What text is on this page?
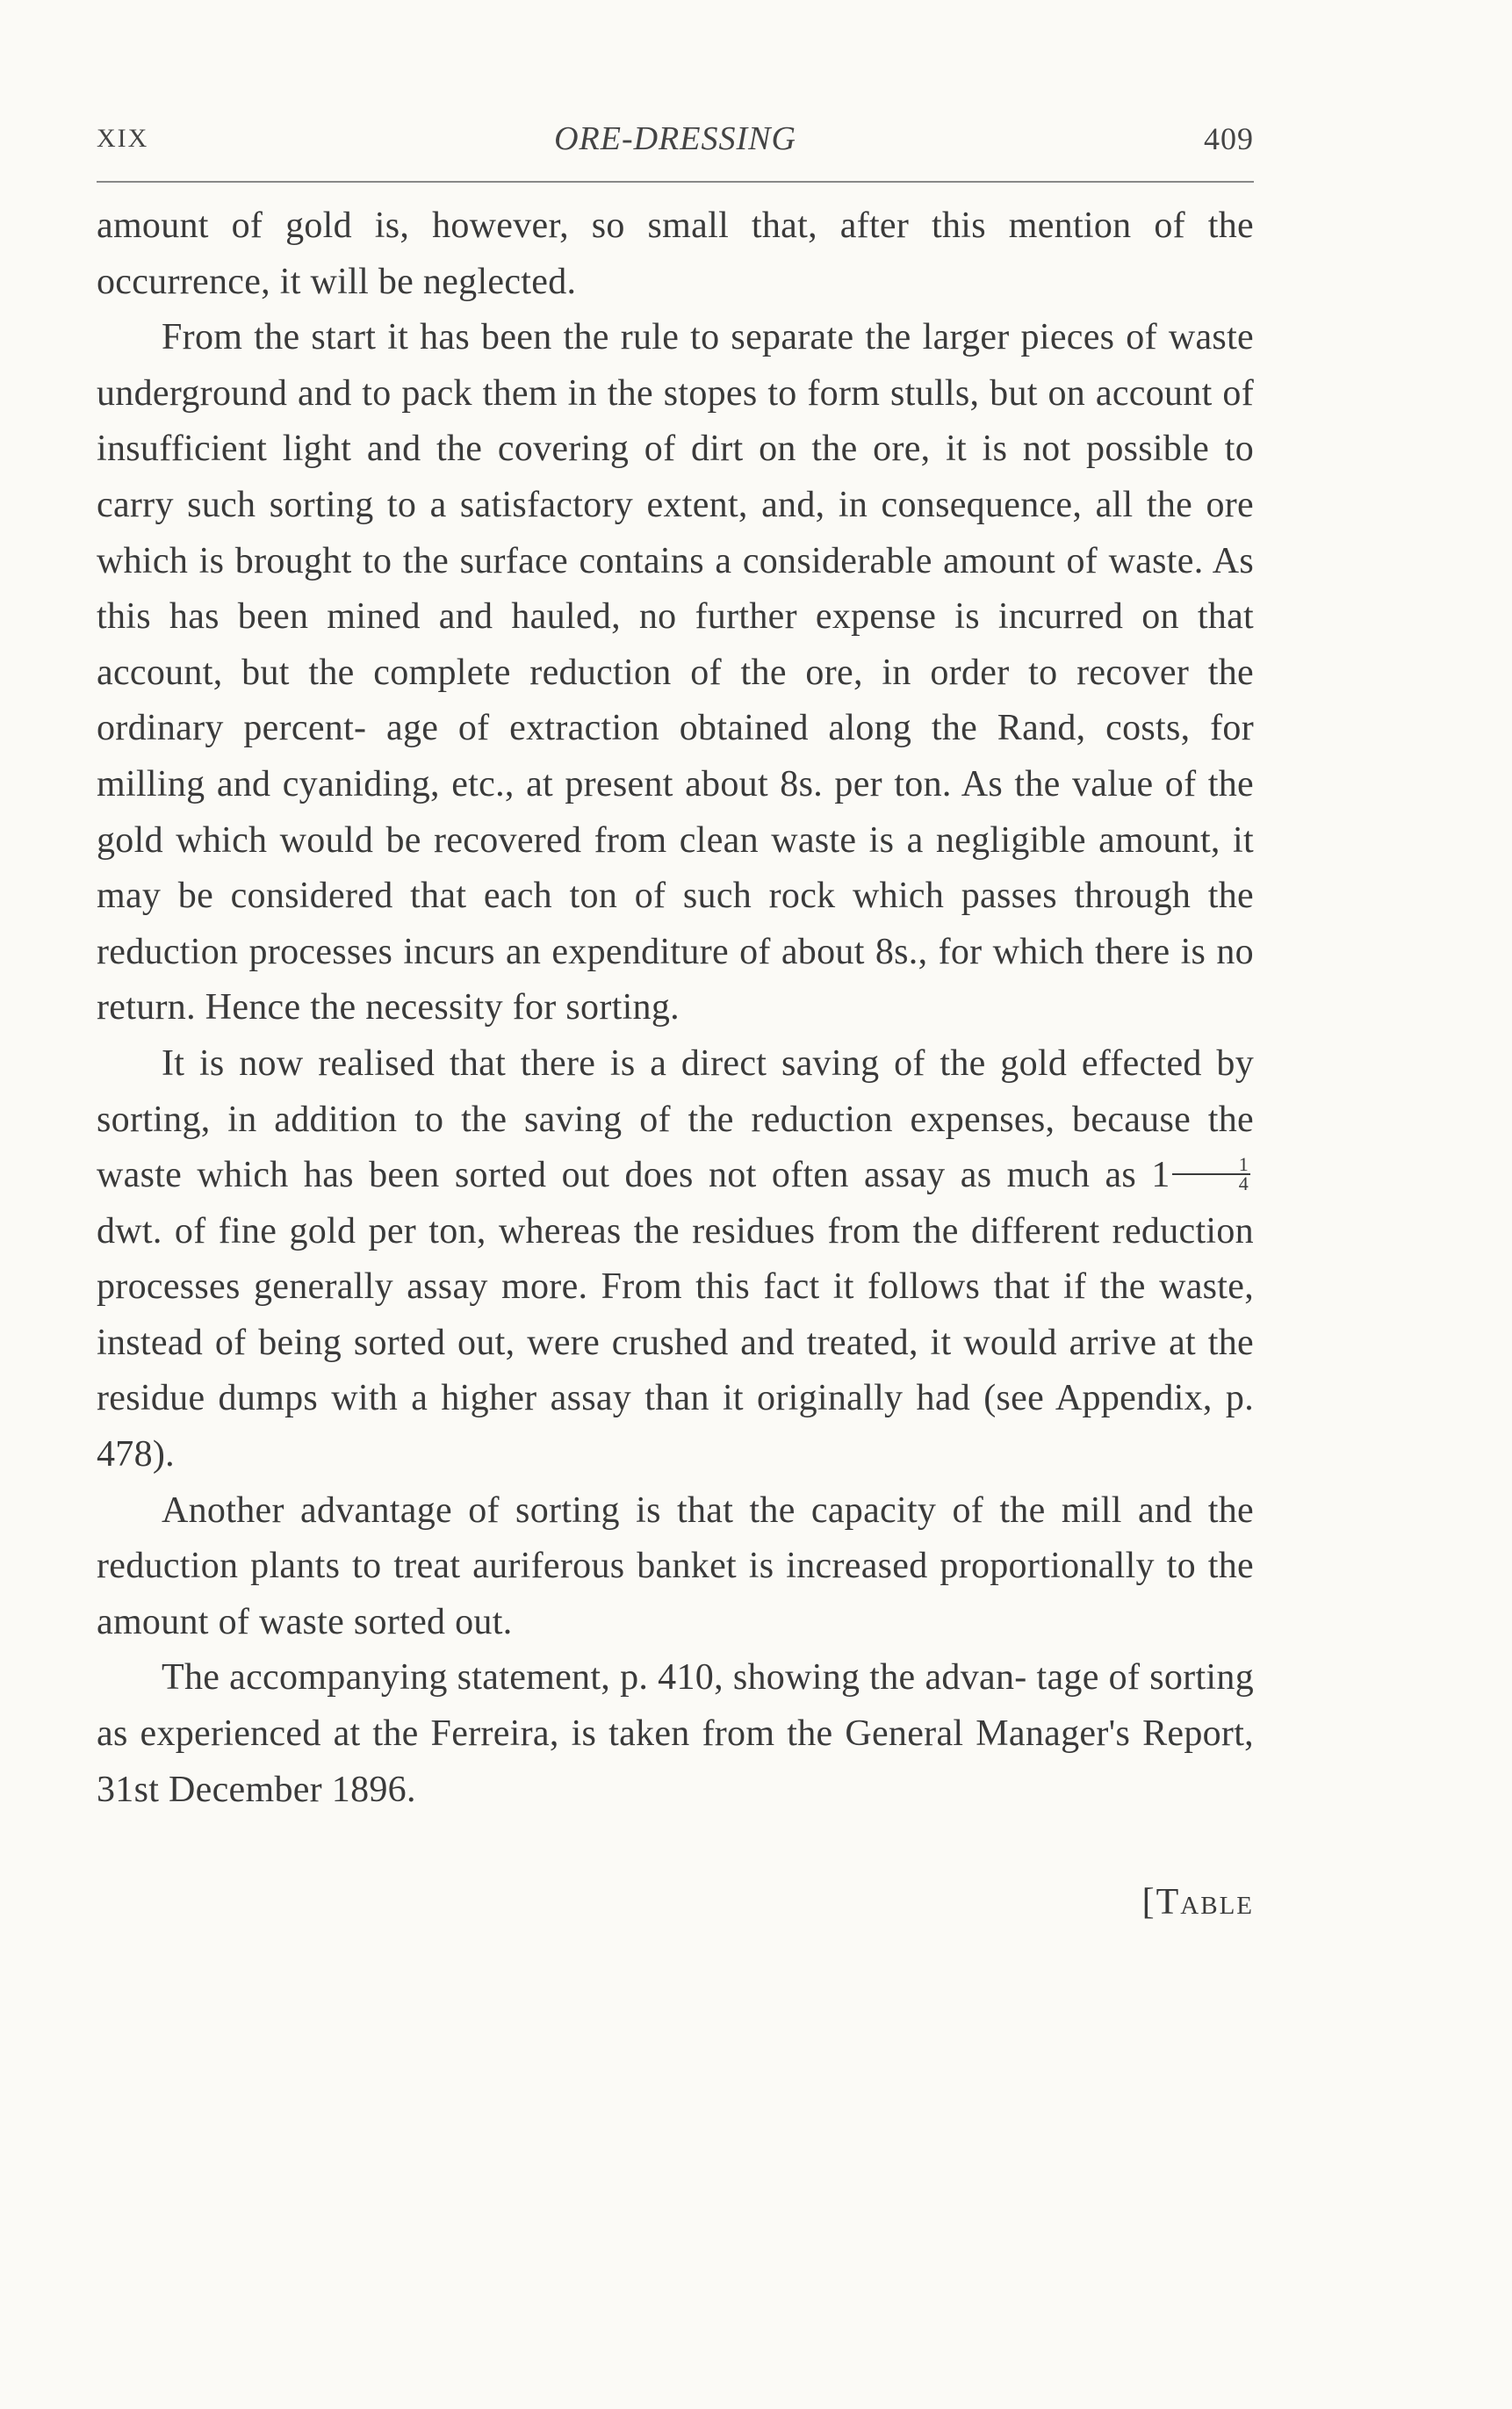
XIX	ORE-DRESSING	409

amount of gold is, however, so small that, after this mention of the occurrence, it will be neglected.

From the start it has been the rule to separate the larger pieces of waste underground and to pack them in the stopes to form stulls, but on account of insufficient light and the covering of dirt on the ore, it is not possible to carry such sorting to a satisfactory extent, and, in consequence, all the ore which is brought to the surface contains a considerable amount of waste. As this has been mined and hauled, no further expense is incurred on that account, but the complete reduction of the ore, in order to recover the ordinary percent- age of extraction obtained along the Rand, costs, for milling and cyaniding, etc., at present about 8s. per ton. As the value of the gold which would be recovered from clean waste is a negligible amount, it may be considered that each ton of such rock which passes through the reduction processes incurs an expenditure of about 8s., for which there is no return. Hence the necessity for sorting.

It is now realised that there is a direct saving of the gold effected by sorting, in addition to the saving of the reduction expenses, because the waste which has been sorted out does not often assay as much as $1 \frac{1}{4}$
dwt. of fine gold per ton, whereas the residues from the different reduction processes generally assay more. From this fact it follows that if the waste, instead of being sorted out, were crushed and treated, it would arrive at the residue dumps with a higher assay than it originally had (see Appendix, p. 478).

Another advantage of sorting is that the capacity of the mill and the reduction plants to treat auriferous banket is increased proportionally to the amount of waste sorted out.

The accompanying statement, p. 410, showing the advan- tage of sorting as experienced at the Ferreira, is taken from the General Manager's Report, 31st December 1896.

[Table
